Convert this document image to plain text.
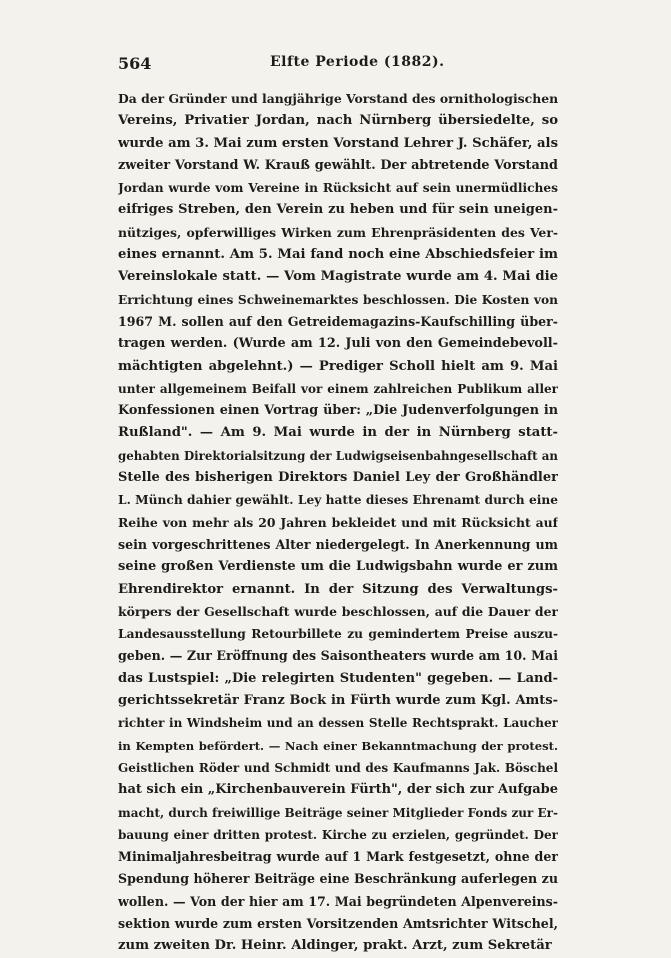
564	Elfte Periode (1882).
Da der Gründer und langjährige Vorstand des ornithologischen
Vereins, Privatier Jordan, nach Nürnberg übersiedelte, so
wurde am 3. Mai zum ersten Vorstand Lehrer J. Schäfer, als
zweiter Vorstand W. Krauß gewählt. Der abtretende Vorstand
Jordan wurde vom Vereine in Rücksicht auf sein unermüdliches
eifriges Streben, den Verein zu heben und für sein uneigen-
nütziges, opferwilliges Wirken zum Ehrenpräsidenten des Ver-
eines ernannt. Am 5. Mai fand noch eine Abschiedsfeier im
Vereinslokale statt. — Vom Magistrate wurde am 4. Mai die
Errichtung eines Schweinemarktes beschlossen. Die Kosten von
1967 M. sollen auf den Getreidemagazins-Kaufschilling über-
tragen werden. (Wurde am 12. Juli von den Gemeindebevoll-
mächtigten abgelehnt.) — Prediger Scholl hielt am 9. Mai
unter allgemeinem Beifall vor einem zahlreichen Publikum aller
Konfessionen einen Vortrag über: „Die Judenverfolgungen in
Rußland". — Am 9. Mai wurde in der in Nürnberg statt-
gehabten Direktorialsitzung der Ludwigseisenbahngesellschaft an
Stelle des bisherigen Direktors Daniel Ley der Großhändler
L. Münch dahier gewählt. Ley hatte dieses Ehrenamt durch eine
Reihe von mehr als 20 Jahren bekleidet und mit Rücksicht auf
sein vorgeschrittenes Alter niedergelegt. In Anerkennung um
seine großen Verdienste um die Ludwigsbahn wurde er zum
Ehrendirektor ernannt. In der Sitzung des Verwaltungs-
körpers der Gesellschaft wurde beschlossen, auf die Dauer der
Landesausstellung Retourbillete zu gemindertem Preise auszu-
geben. — Zur Eröffnung des Saisontheaters wurde am 10. Mai
das Lustspiel: „Die relegirten Studenten" gegeben. — Land-
gerichtssekretär Franz Bock in Fürth wurde zum Kgl. Amts-
richter in Windsheim und an dessen Stelle Rechtsprakt. Laucher
in Kempten befördert. — Nach einer Bekanntmachung der protest.
Geistlichen Röder und Schmidt und des Kaufmanns Jak. Böschel
hat sich ein „Kirchenbauverein Fürth", der sich zur Aufgabe
macht, durch freiwillige Beiträge seiner Mitglieder Fonds zur Er-
bauung einer dritten protest. Kirche zu erzielen, gegründet. Der
Minimaljahresbeitrag wurde auf 1 Mark festgesetzt, ohne der
Spendung höherer Beiträge eine Beschränkung auferlegen zu
wollen. — Von der hier am 17. Mai begründeten Alpenvereins-
sektion wurde zum ersten Vorsitzenden Amtsrichter Witschel,
zum zweiten Dr. Heinr. Aldinger, prakt. Arzt, zum Sekretär
